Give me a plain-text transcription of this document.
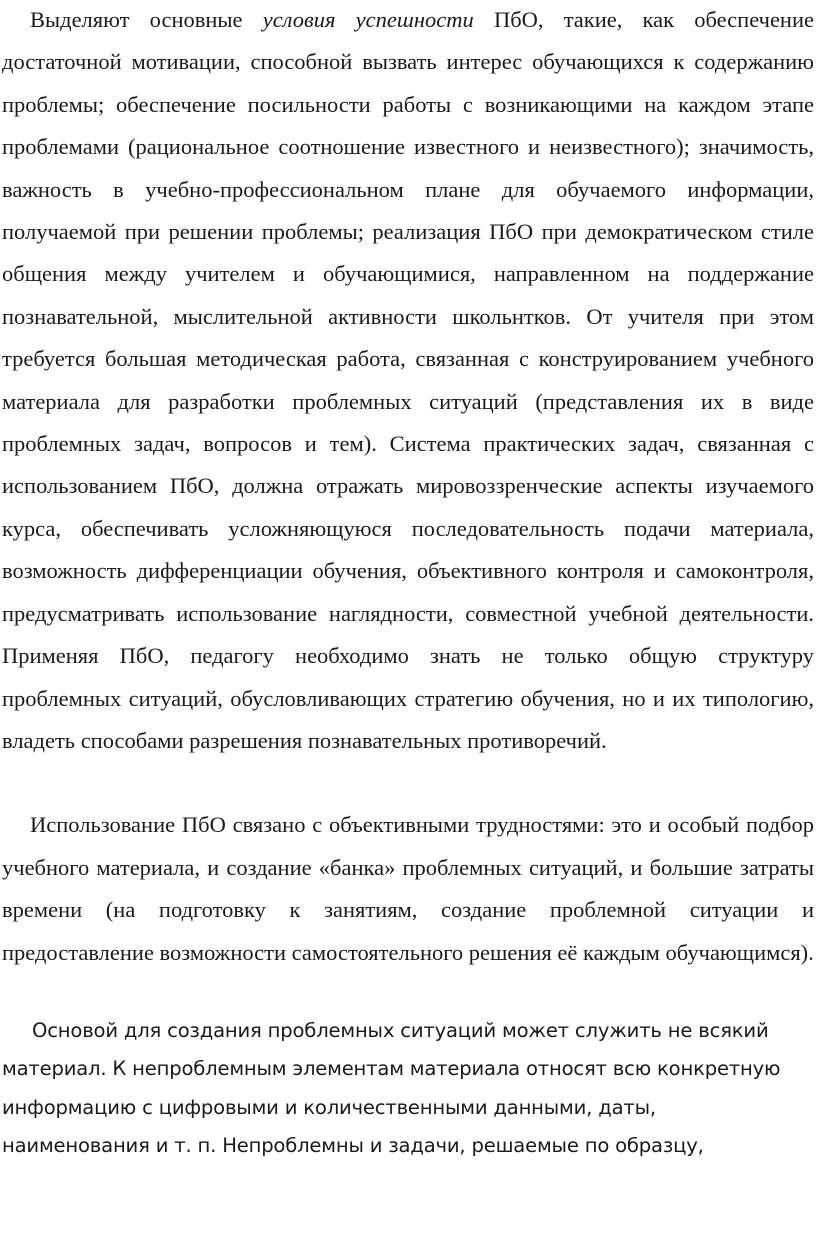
Выделяют основные условия успешности ПбО, такие, как обеспечение достаточной мотивации, способной вызвать интерес обучающихся к содержанию проблемы; обеспечение посильности работы с возникающими на каждом этапе проблемами (рациональное соотношение известного и неизвестного); значимость, важность в учебно-профессиональном плане для обучаемого информации, получаемой при решении проблемы; реализация ПбО при демократическом стиле общения между учителем и обучающимися, направленном на поддержание познавательной, мыслительной активности школьнтков. От учителя при этом требуется большая методическая работа, связанная с конструированием учебного материала для разработки проблемных ситуаций (представления их в виде проблемных задач, вопросов и тем). Система практических задач, связанная с использованием ПбО, должна отражать мировоззренческие аспекты изучаемого курса, обеспечивать усложняющуюся последовательность подачи материала, возможность дифференциации обучения, объективного контроля и самоконтроля, предусматривать использование наглядности, совместной учебной деятельности. Применяя ПбО, педагогу необходимо знать не только общую структуру проблемных ситуаций, обусловливающих стратегию обучения, но и их типологию, владеть способами разрешения познавательных противоречий.

Использование ПбО связано с объективными трудностями: это и особый подбор учебного материала, и создание «банка» проблемных ситуаций, и большие затраты времени (на подготовку к занятиям, создание проблемной ситуации и предоставление возможности самостоятельного решения её каждым обучающимся).

Основой для создания проблемных ситуаций может служить не всякий материал. К непроблемным элементам материала относят всю конкретную информацию с цифровыми и количественными данными, даты, наименования и т. п. Непроблемны и задачи, решаемые по образцу,
